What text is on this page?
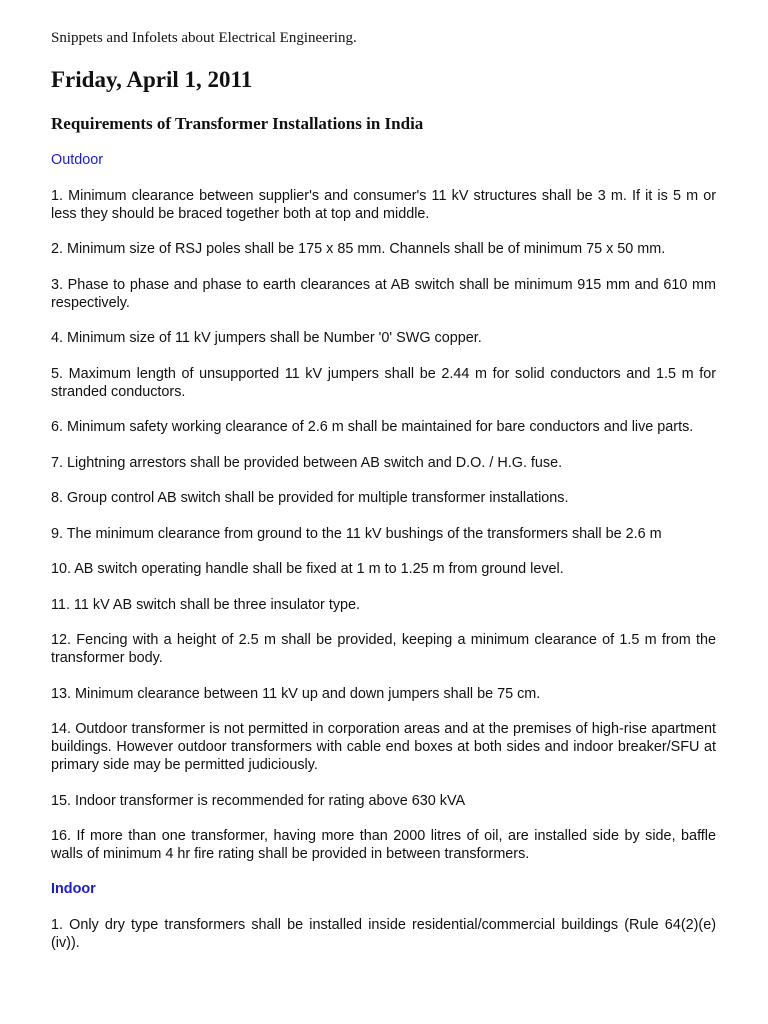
Snippets and Infolets about Electrical Engineering.

Friday, April 1, 2011
Requirements of Transformer Installations in India

Outdoor

1. Minimum clearance between supplier's and consumer's 11 kV structures shall be 3 m. If it is 5 m or less they should be braced together both at top and middle.
2. Minimum size of RSJ poles shall be 175 x 85 mm. Channels shall be of minimum 75 x 50 mm.
3. Phase to phase and phase to earth clearances at AB switch shall be minimum 915 mm and 610 mm respectively.
4. Minimum size of 11 kV jumpers shall be Number '0' SWG copper.
5. Maximum length of unsupported 11 kV jumpers shall be 2.44 m for solid conductors and 1.5 m for stranded conductors.
6. Minimum safety working clearance of 2.6 m shall be maintained for bare conductors and live parts.
7. Lightning arrestors shall be provided between AB switch and D.O. / H.G. fuse.
8. Group control AB switch shall be provided for multiple transformer installations.
9. The minimum clearance from ground to the 11 kV bushings of the transformers shall be 2.6 m
10. AB switch operating handle shall be fixed at 1 m to 1.25 m from ground level.
11. 11 kV AB switch shall be three insulator type.
12. Fencing with a height of 2.5 m shall be provided, keeping a minimum clearance of 1.5 m from the transformer body.
13. Minimum clearance between 11 kV up and down jumpers shall be 75 cm.
14. Outdoor transformer is not permitted in corporation areas and at the premises of high-rise apartment buildings. However outdoor transformers with cable end boxes at both sides and indoor breaker/SFU at primary side may be permitted judiciously.
15. Indoor transformer is recommended for rating above 630 kVA
16. If more than one transformer, having more than 2000 litres of oil, are installed side by side, baffle walls of minimum 4 hr fire rating shall be provided in between transformers.

Indoor

1. Only dry type transformers shall be installed inside residential/commercial buildings (Rule 64(2)(e)(iv)).
